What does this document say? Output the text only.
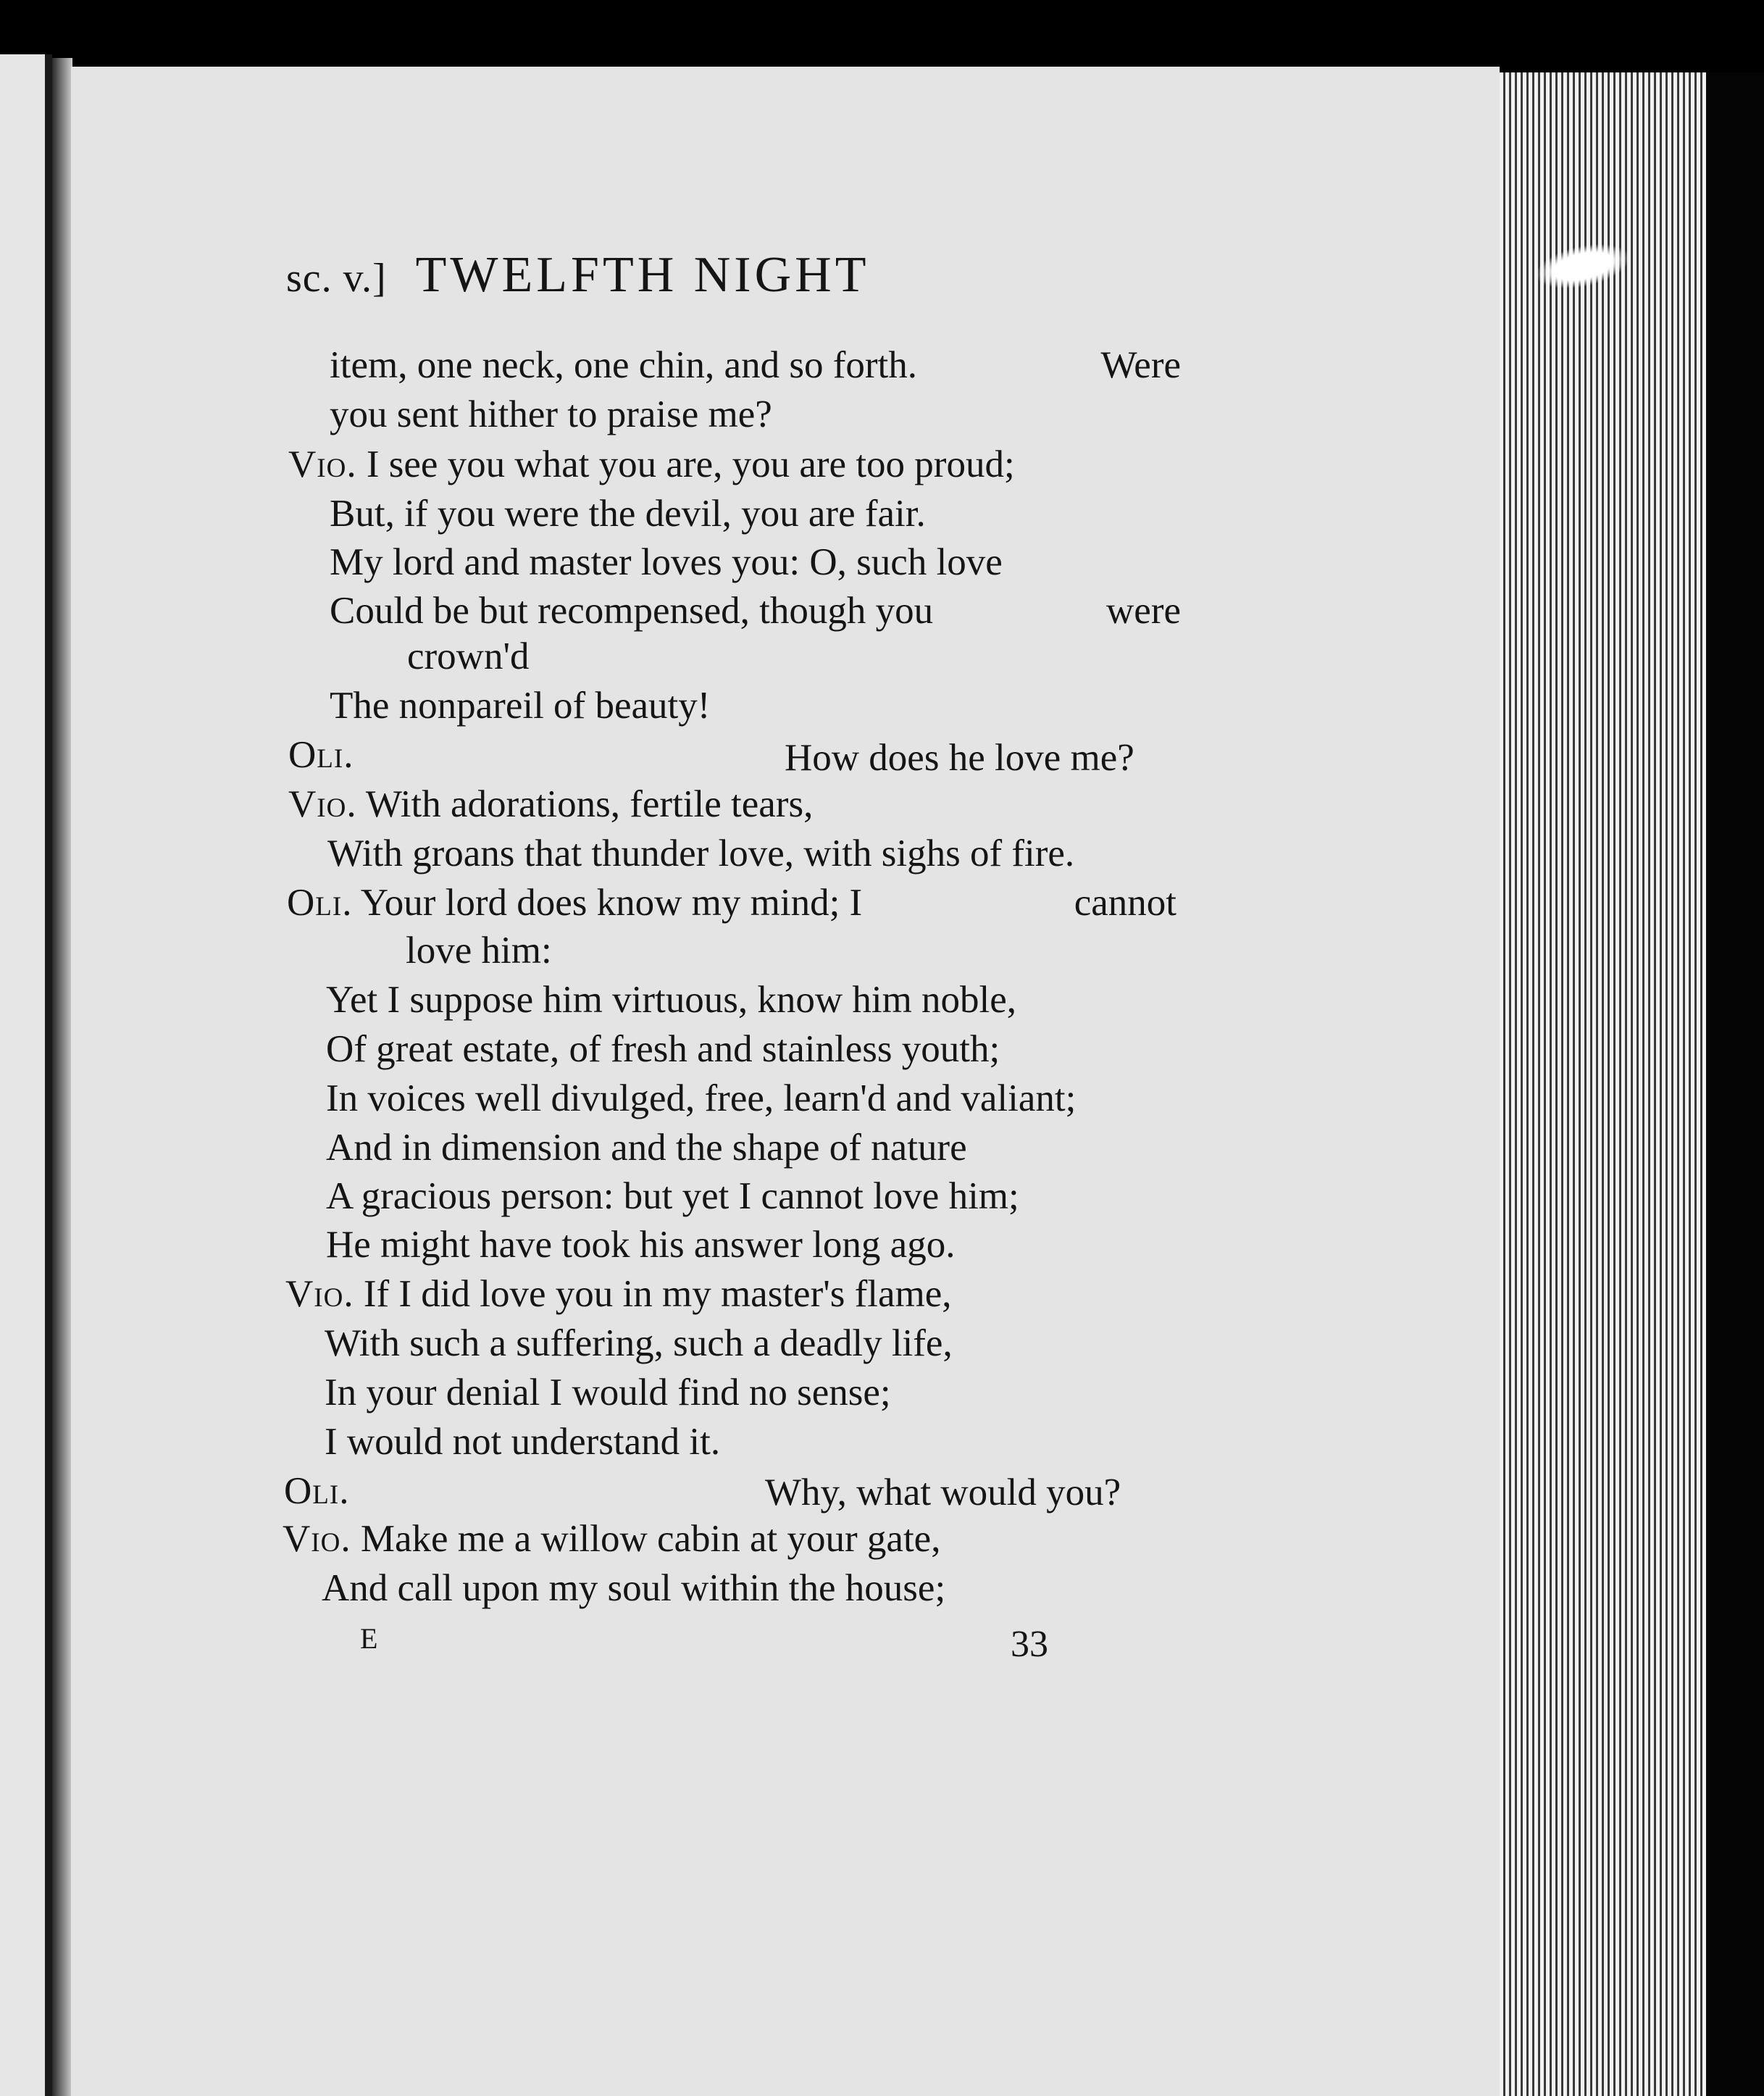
sc. v.] TWELFTH NIGHT
item, one neck, one chin, and so forth.	Were
you sent hither to praise me?
Vio. I see you what you are, you are too proud;
But, if you were the devil, you are fair.
My lord and master loves you: O, such love
Could be but recompensed, though you	were
crown'd
The nonpareil of beauty!
Oli.	How does he love me?
Vio. With adorations, fertile tears,
With groans that thunder love, with sighs of fire.
Oli. Your lord does know my mind; I	cannot
love him:
Yet I suppose him virtuous, know him noble,
Of great estate, of fresh and stainless youth;
In voices well divulged, free, learn'd and valiant;
And in dimension and the shape of nature
A gracious person: but yet I cannot love him;
He might have took his answer long ago.
Vio. If I did love you in my master's flame,
With such a suffering, such a deadly life,
In your denial I would find no sense;
I would not understand it.
Oli.	Why, what would you?
Vio. Make me a willow cabin at your gate,
And call upon my soul within the house;
E	33
